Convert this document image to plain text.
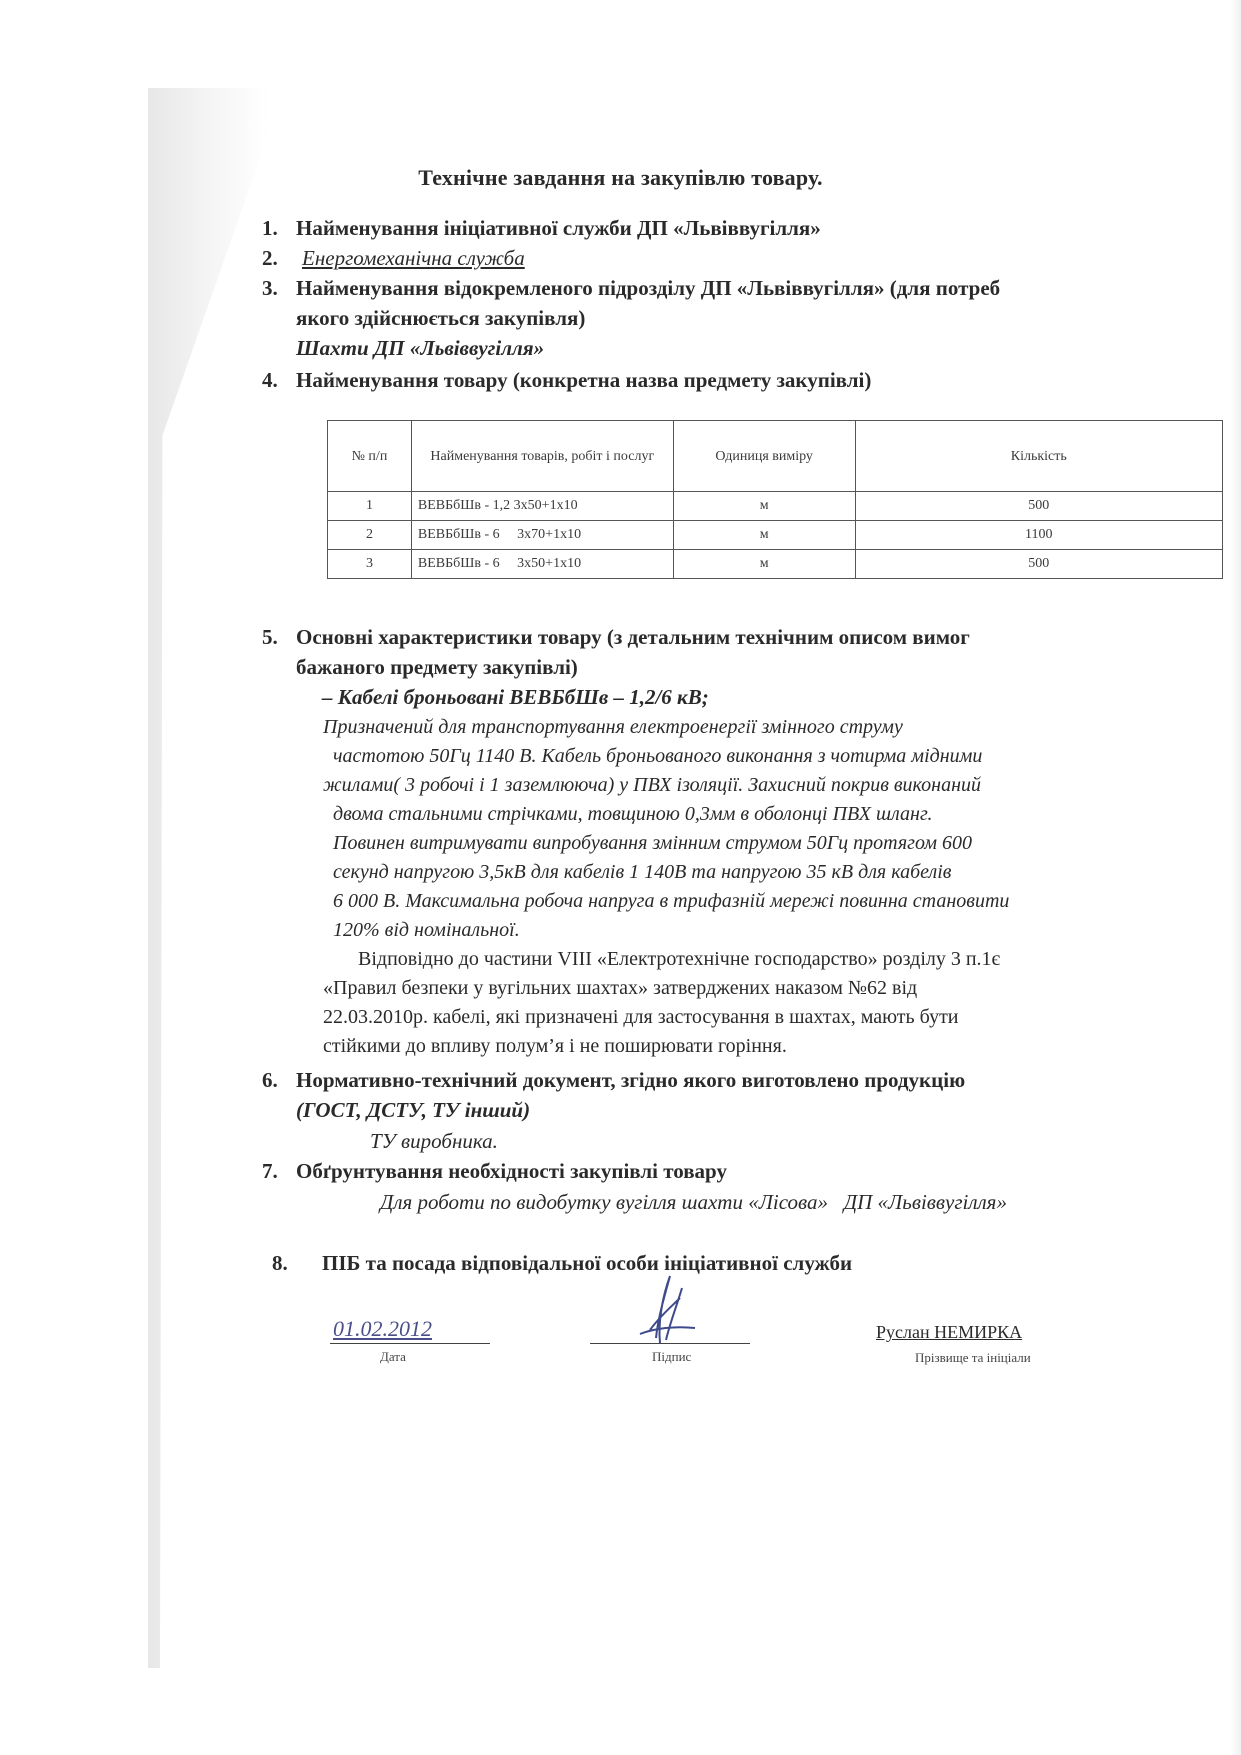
Технічне завдання на закупівлю товару.
1. Найменування ініціативної служби ДП «Львіввугілля»
2. Енергомеханічна служба
3. Найменування відокремленого підрозділу ДП «Львіввугілля» (для потреб
якого здійснюється закупівля)
Шахти ДП «Львіввугілля»
4. Найменування товару (конкретна назва предмету закупівлі)
№ п/п	Найменування товарів, робіт і послуг	Одиниця виміру	Кількість
1	ВЕВБбШв - 1,2 3х50+1х10	м	500
2	ВЕВБбШв - 6     3х70+1х10	м	1100
3	ВЕВБбШв - 6     3х50+1х10	м	500
5. Основні характеристики товару (з детальним технічним описом вимог
бажаного предмету закупівлі)
– Кабелі броньовані ВЕВБбШв – 1,2/6 кВ;
Призначений для транспортування електроенергії змінного струму
частотою 50Гц 1140 В. Кабель броньованого виконання з чотирма мідними
жилами( 3 робочі і 1 заземлююча) у ПВХ ізоляції. Захисний покрив виконаний
двома стальними стрічками, товщиною 0,3мм в оболонці ПВХ шланг.
Повинен витримувати випробування змінним струмом 50Гц протягом 600
секунд напругою 3,5кВ для кабелів 1 140В та напругою 35 кВ для кабелів
6 000 В. Максимальна робоча напруга в трифазній мережі повинна становити
120% від номінальної.
Відповідно до частини VIII «Електротехнічне господарство» розділу 3 п.1є
«Правил безпеки у вугільних шахтах» затверджених наказом №62 від
22.03.2010р. кабелі, які призначені для застосування в шахтах, мають бути
стійкими до впливу полум’я і не поширювати горіння.
6. Нормативно-технічний документ, згідно якого виготовлено продукцію
(ГОСТ, ДСТУ, ТУ інший)
ТУ виробника.
7. Обґрунтування необхідності закупівлі товару
Для роботи по видобутку вугілля шахти «Лісова»   ДП «Львіввугілля»
8. ПІБ та посада відповідальної особи ініціативної служби
01.02.2012
Дата	Підпис
Руслан НЕМИРКА
Прізвище та ініціали
